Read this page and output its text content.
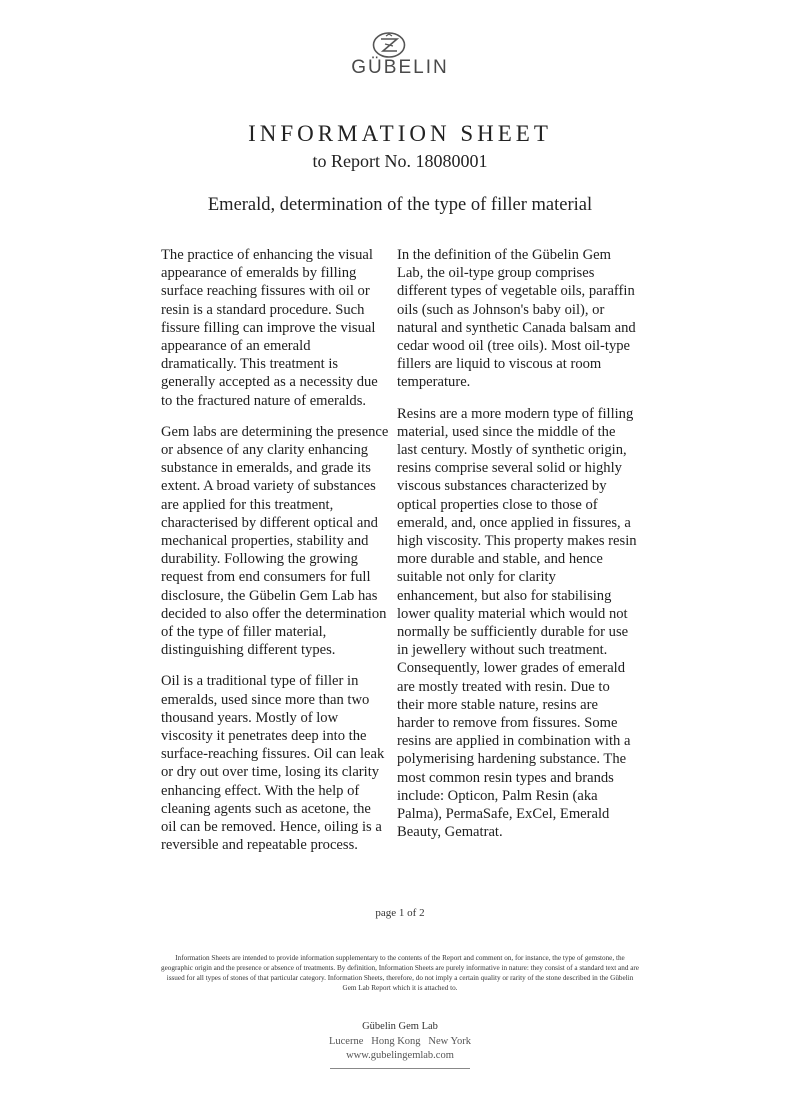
GÜBELIN
INFORMATION SHEET
to Report No. 18080001
Emerald, determination of the type of filler material

The practice of enhancing the visual appearance of emeralds by filling surface reaching fissures with oil or resin is a standard procedure. Such fissure filling can improve the visual appearance of an emerald dramatically. This treatment is generally accepted as a necessity due to the fractured nature of emeralds.

Gem labs are determining the presence or absence of any clarity enhancing substance in emeralds, and grade its extent. A broad variety of substances are applied for this treatment, characterised by different optical and mechanical properties, stability and durability. Following the growing request from end consumers for full disclosure, the Gübelin Gem Lab has decided to also offer the determination of the type of filler material, distinguishing different types.

Oil is a traditional type of filler in emeralds, used since more than two thousand years. Mostly of low viscosity it penetrates deep into the surface-reaching fissures. Oil can leak or dry out over time, losing its clarity enhancing effect. With the help of cleaning agents such as acetone, the oil can be removed. Hence, oiling is a reversible and repeatable process.

In the definition of the Gübelin Gem Lab, the oil-type group comprises different types of vegetable oils, paraffin oils (such as Johnson's baby oil), or natural and synthetic Canada balsam and cedar wood oil (tree oils). Most oil-type fillers are liquid to viscous at room temperature.

Resins are a more modern type of filling material, used since the middle of the last century. Mostly of synthetic origin, resins comprise several solid or highly viscous substances characterized by optical properties close to those of emerald, and, once applied in fissures, a high viscosity. This property makes resin more durable and stable, and hence suitable not only for clarity enhancement, but also for stabilising lower quality material which would not normally be sufficiently durable for use in jewellery without such treatment. Consequently, lower grades of emerald are mostly treated with resin. Due to their more stable nature, resins are harder to remove from fissures. Some resins are applied in combination with a polymerising hardening substance. The most common resin types and brands include: Opticon, Palm Resin (aka Palma), PermaSafe, ExCel, Emerald Beauty, Gematrat.

page 1 of 2
Information Sheets are intended to provide information supplementary to the contents of the Report and comment on, for instance, the type of gemstone, the geographic origin and the presence or absence of treatments. By definition, Information Sheets are purely informative in nature: they consist of a standard text and are issued for all types of stones of that particular category. Information Sheets, therefore, do not imply a certain quality or rarity of the stone described in the Gübelin Gem Lab Report which it is attached to.
Gübelin Gem Lab
Lucerne   Hong Kong   New York
www.gubelingemlab.com
